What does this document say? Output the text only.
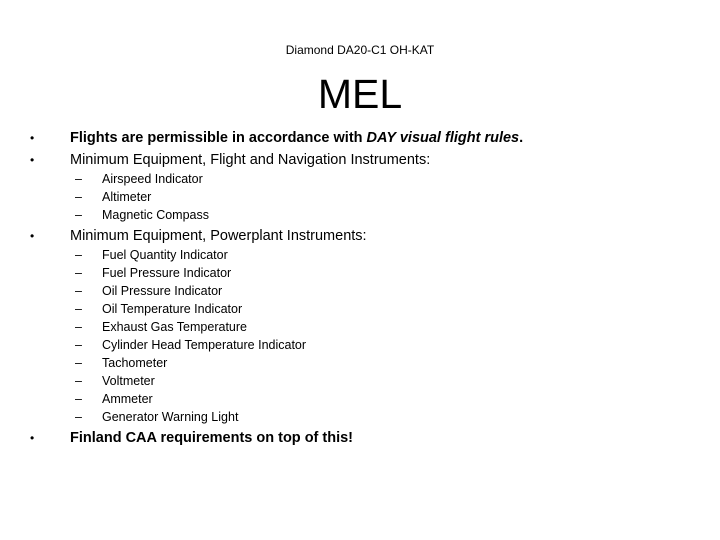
Diamond DA20-C1 OH-KAT
MEL
• Flights are permissible in accordance with DAY visual flight rules.
• Minimum Equipment, Flight and Navigation Instruments:
– Airspeed Indicator
– Altimeter
– Magnetic Compass
• Minimum Equipment, Powerplant Instruments:
– Fuel Quantity Indicator
– Fuel Pressure Indicator
– Oil Pressure Indicator
– Oil Temperature Indicator
– Exhaust Gas Temperature
– Cylinder Head Temperature Indicator
– Tachometer
– Voltmeter
– Ammeter
– Generator Warning Light
• Finland CAA requirements on top of this!
